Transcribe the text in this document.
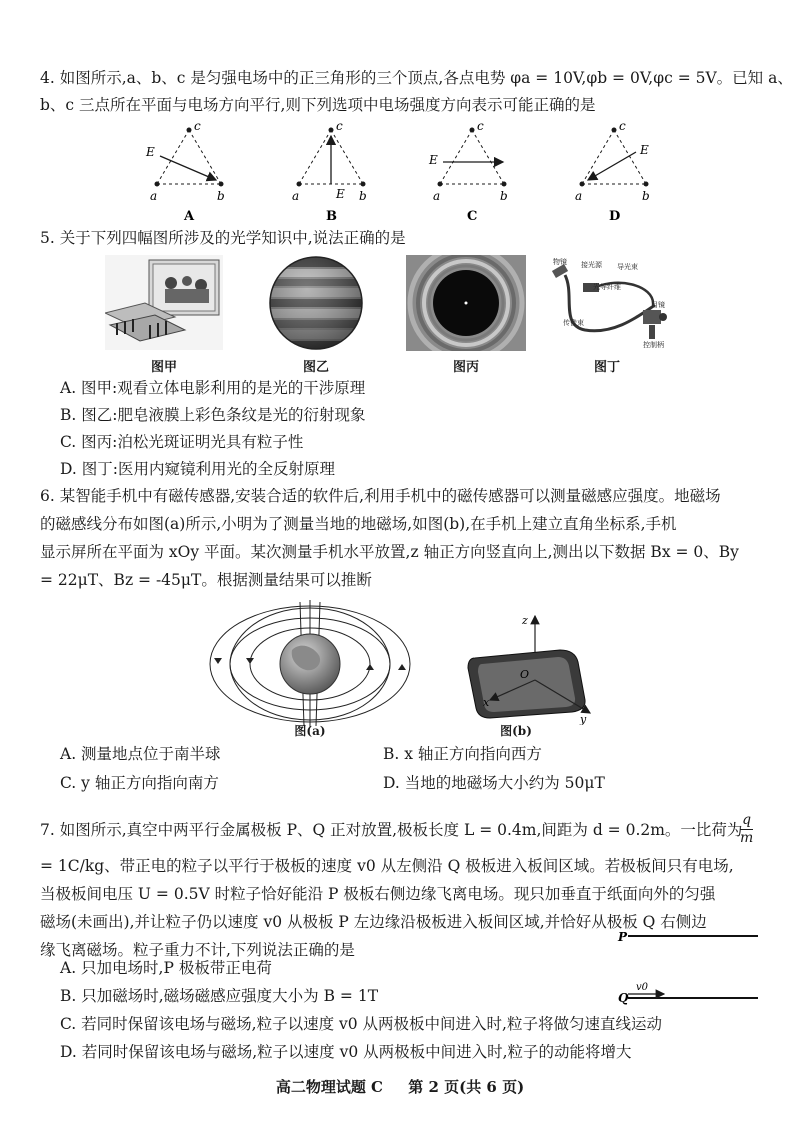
4. 如图所示,a、b、c 是匀强电场中的正三角形的三个顶点,各点电势 φa = 10V,φb = 0V,φc = 5V。已知 a、
b、c 三点所在平面与电场方向平行,则下列选项中电场强度方向表示可能正确的是
E
a	b
c
E
a	b
c
E
a	b
c
E
a	b
c
A	B	C	D
5. 关于下列四幅图所涉及的光学知识中,说法正确的是
物镜 接光源 导光束
光导纤维
传像束
目镜
控制柄
图甲	图乙	图丙	图丁
A. 图甲:观看立体电影利用的是光的干涉原理
B. 图乙:肥皂液膜上彩色条纹是光的衍射现象
C. 图丙:泊松光斑证明光具有粒子性
D. 图丁:医用内窥镜利用光的全反射原理
6. 某智能手机中有磁传感器,安装合适的软件后,利用手机中的磁传感器可以测量磁感应强度。地磁场
的磁感线分布如图(a)所示,小明为了测量当地的地磁场,如图(b),在手机上建立直角坐标系,手机
显示屏所在平面为 xOy 平面。某次测量手机水平放置,z 轴正方向竖直向上,测出以下数据 Bx = 0、By
= 22μT、Bz = -45μT。根据测量结果可以推断
图(a)
z
O
x
y
图(b)
A. 测量地点位于南半球	B. x 轴正方向指向西方
C. y 轴正方向指向南方	D. 当地的地磁场大小约为 50μT
7. 如图所示,真空中两平行金属极板 P、Q 正对放置,极板长度 L = 0.4m,间距为 d = 0.2m。一比荷为
$\frac{q}{m}$
= 1C/kg、带正电的粒子以平行于极板的速度 v0 从左侧沿 Q 极板进入板间区域。若极板间只有电场,
当极板间电压 U = 0.5V 时粒子恰好能沿 P 极板右侧边缘飞离电场。现只加垂直于纸面向外的匀强
磁场(未画出),并让粒子仍以速度 v0 从极板 P 左边缘沿极板进入板间区域,并恰好从极板 Q 右侧边
缘飞离磁场。粒子重力不计,下列说法正确的是
P
Q
v0
A. 只加电场时,P 极板带正电荷
B. 只加磁场时,磁场磁感应强度大小为 B = 1T
C. 若同时保留该电场与磁场,粒子以速度 v0 从两极板中间进入时,粒子将做匀速直线运动
D. 若同时保留该电场与磁场,粒子以速度 v0 从两极板中间进入时,粒子的动能将增大
高二物理试题 C 第 2 页(共 6 页)
